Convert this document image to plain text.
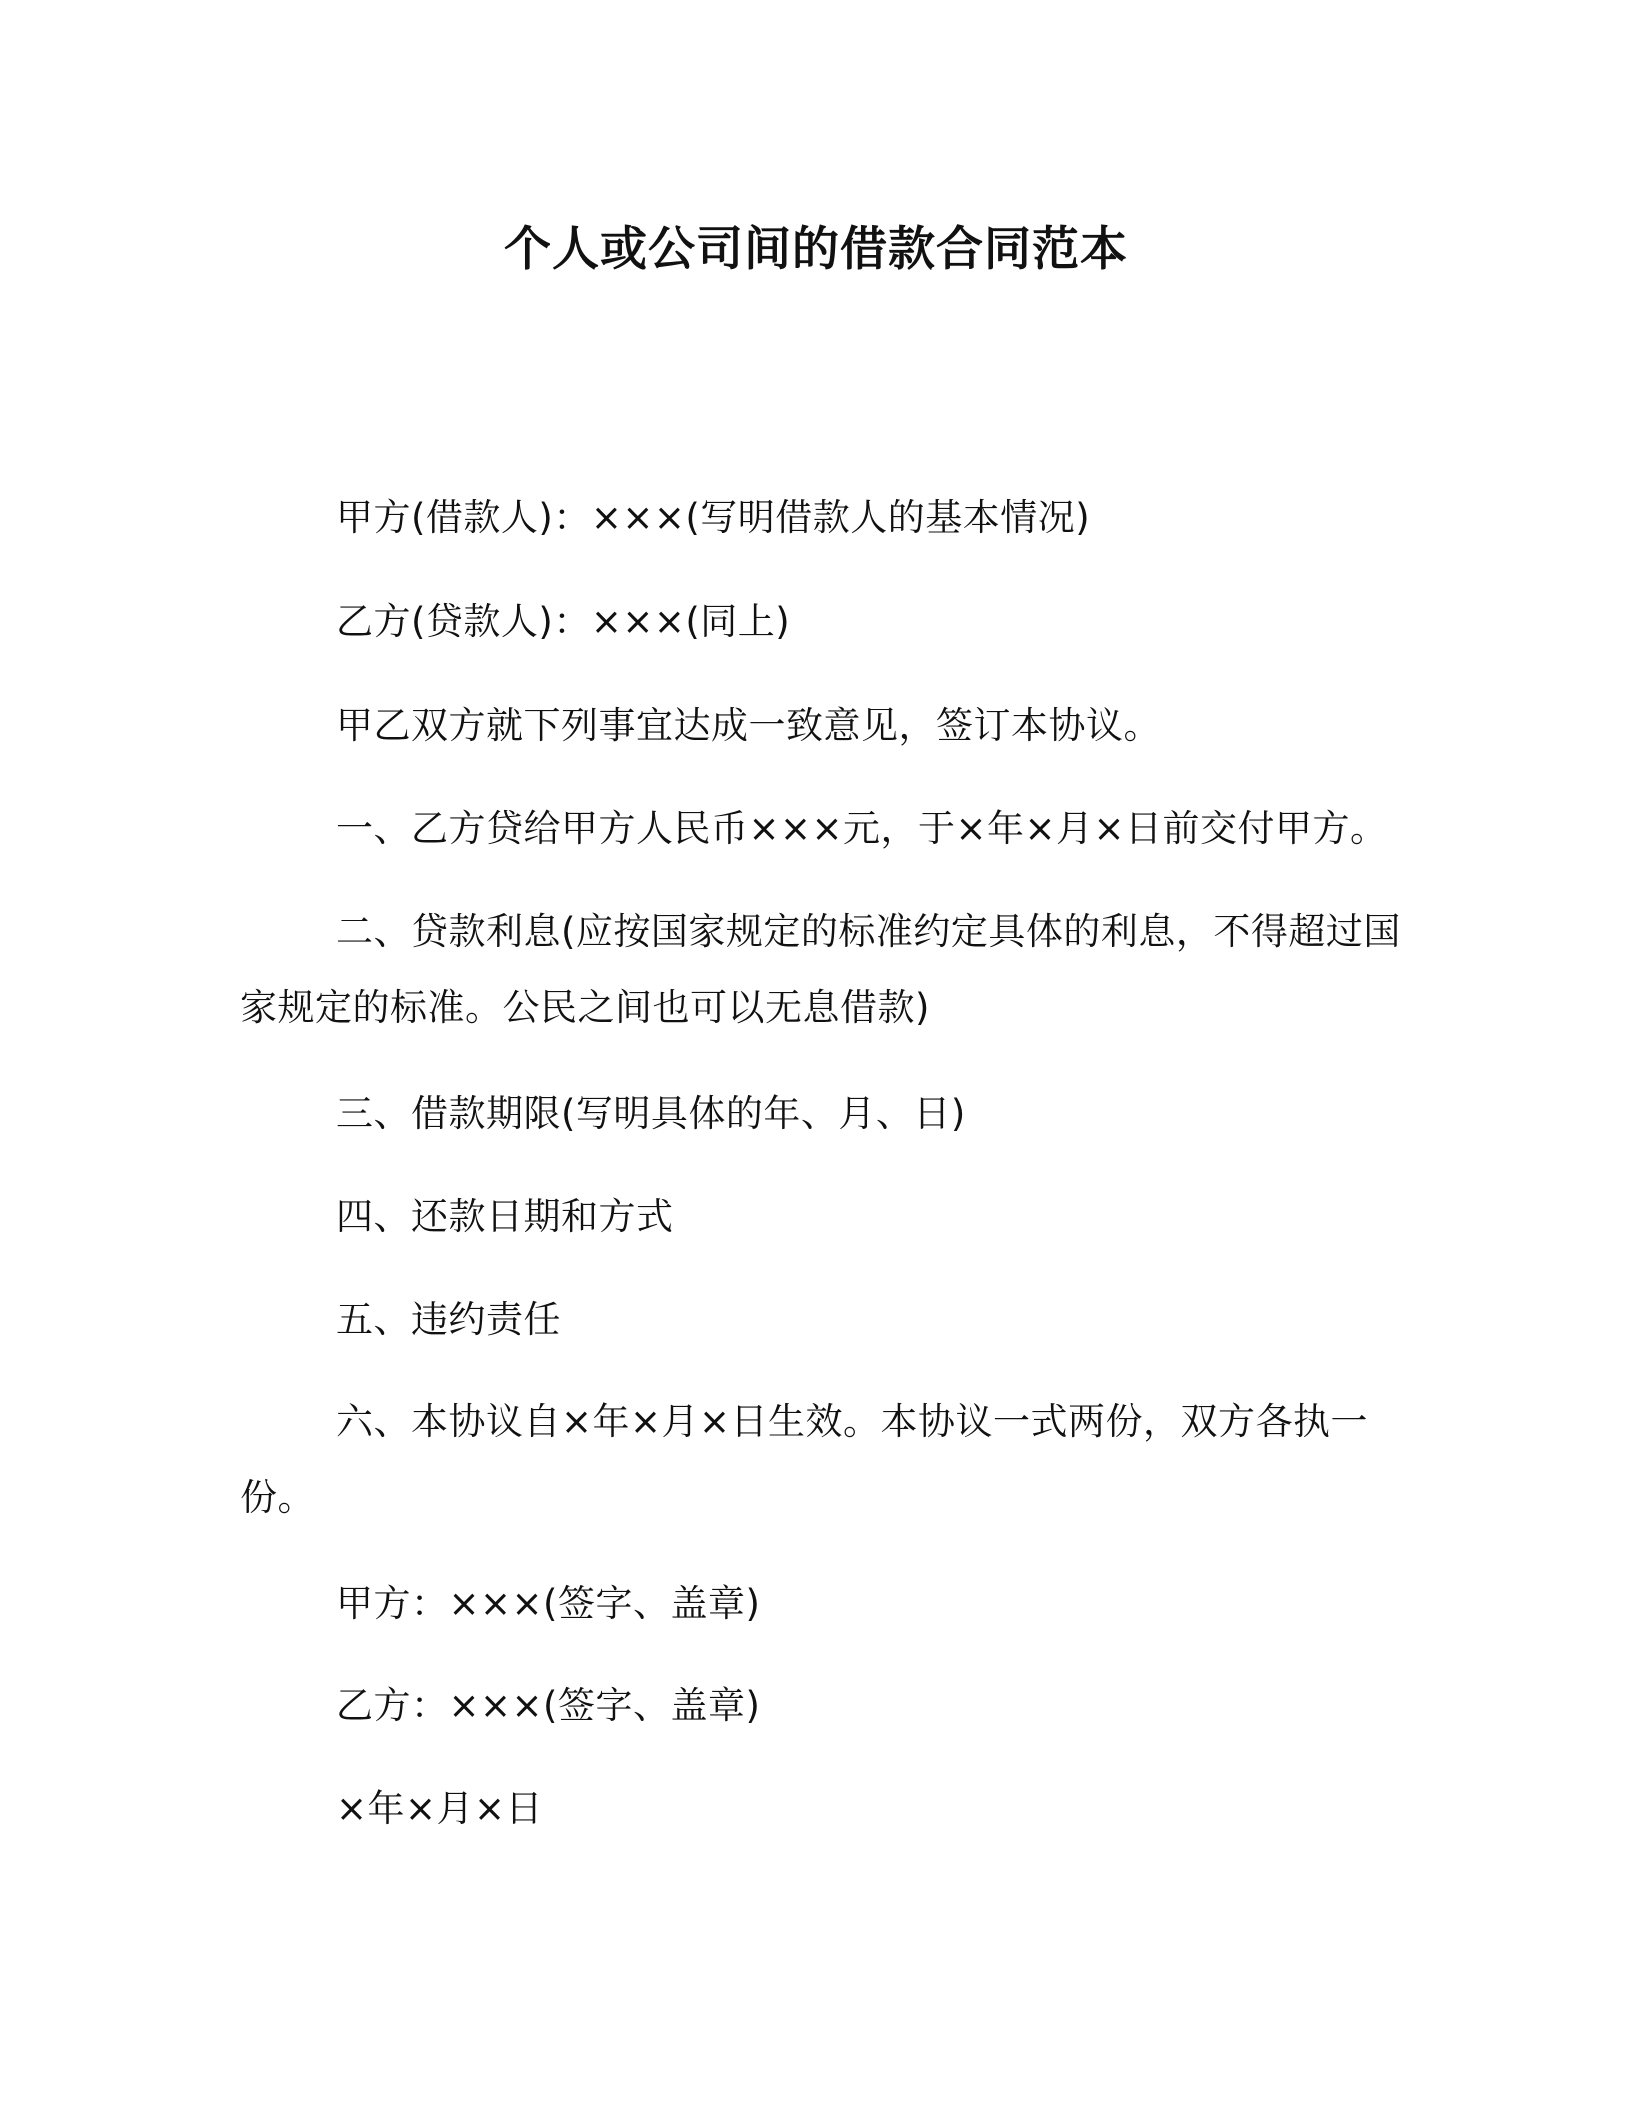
个人或公司间的借款合同范本

甲方(借款人)：×××(写明借款人的基本情况)

乙方(贷款人)：×××(同上)

甲乙双方就下列事宜达成一致意见，签订本协议。

一、乙方贷给甲方人民币×××元，于×年×月×日前交付甲方。

二、贷款利息(应按国家规定的标准约定具体的利息，不得超过国家规定的标准。公民之间也可以无息借款)

三、借款期限(写明具体的年、月、日)

四、还款日期和方式

五、违约责任

六、本协议自×年×月×日生效。本协议一式两份，双方各执一份。

甲方：×××(签字、盖章)

乙方：×××(签字、盖章)

×年×月×日
